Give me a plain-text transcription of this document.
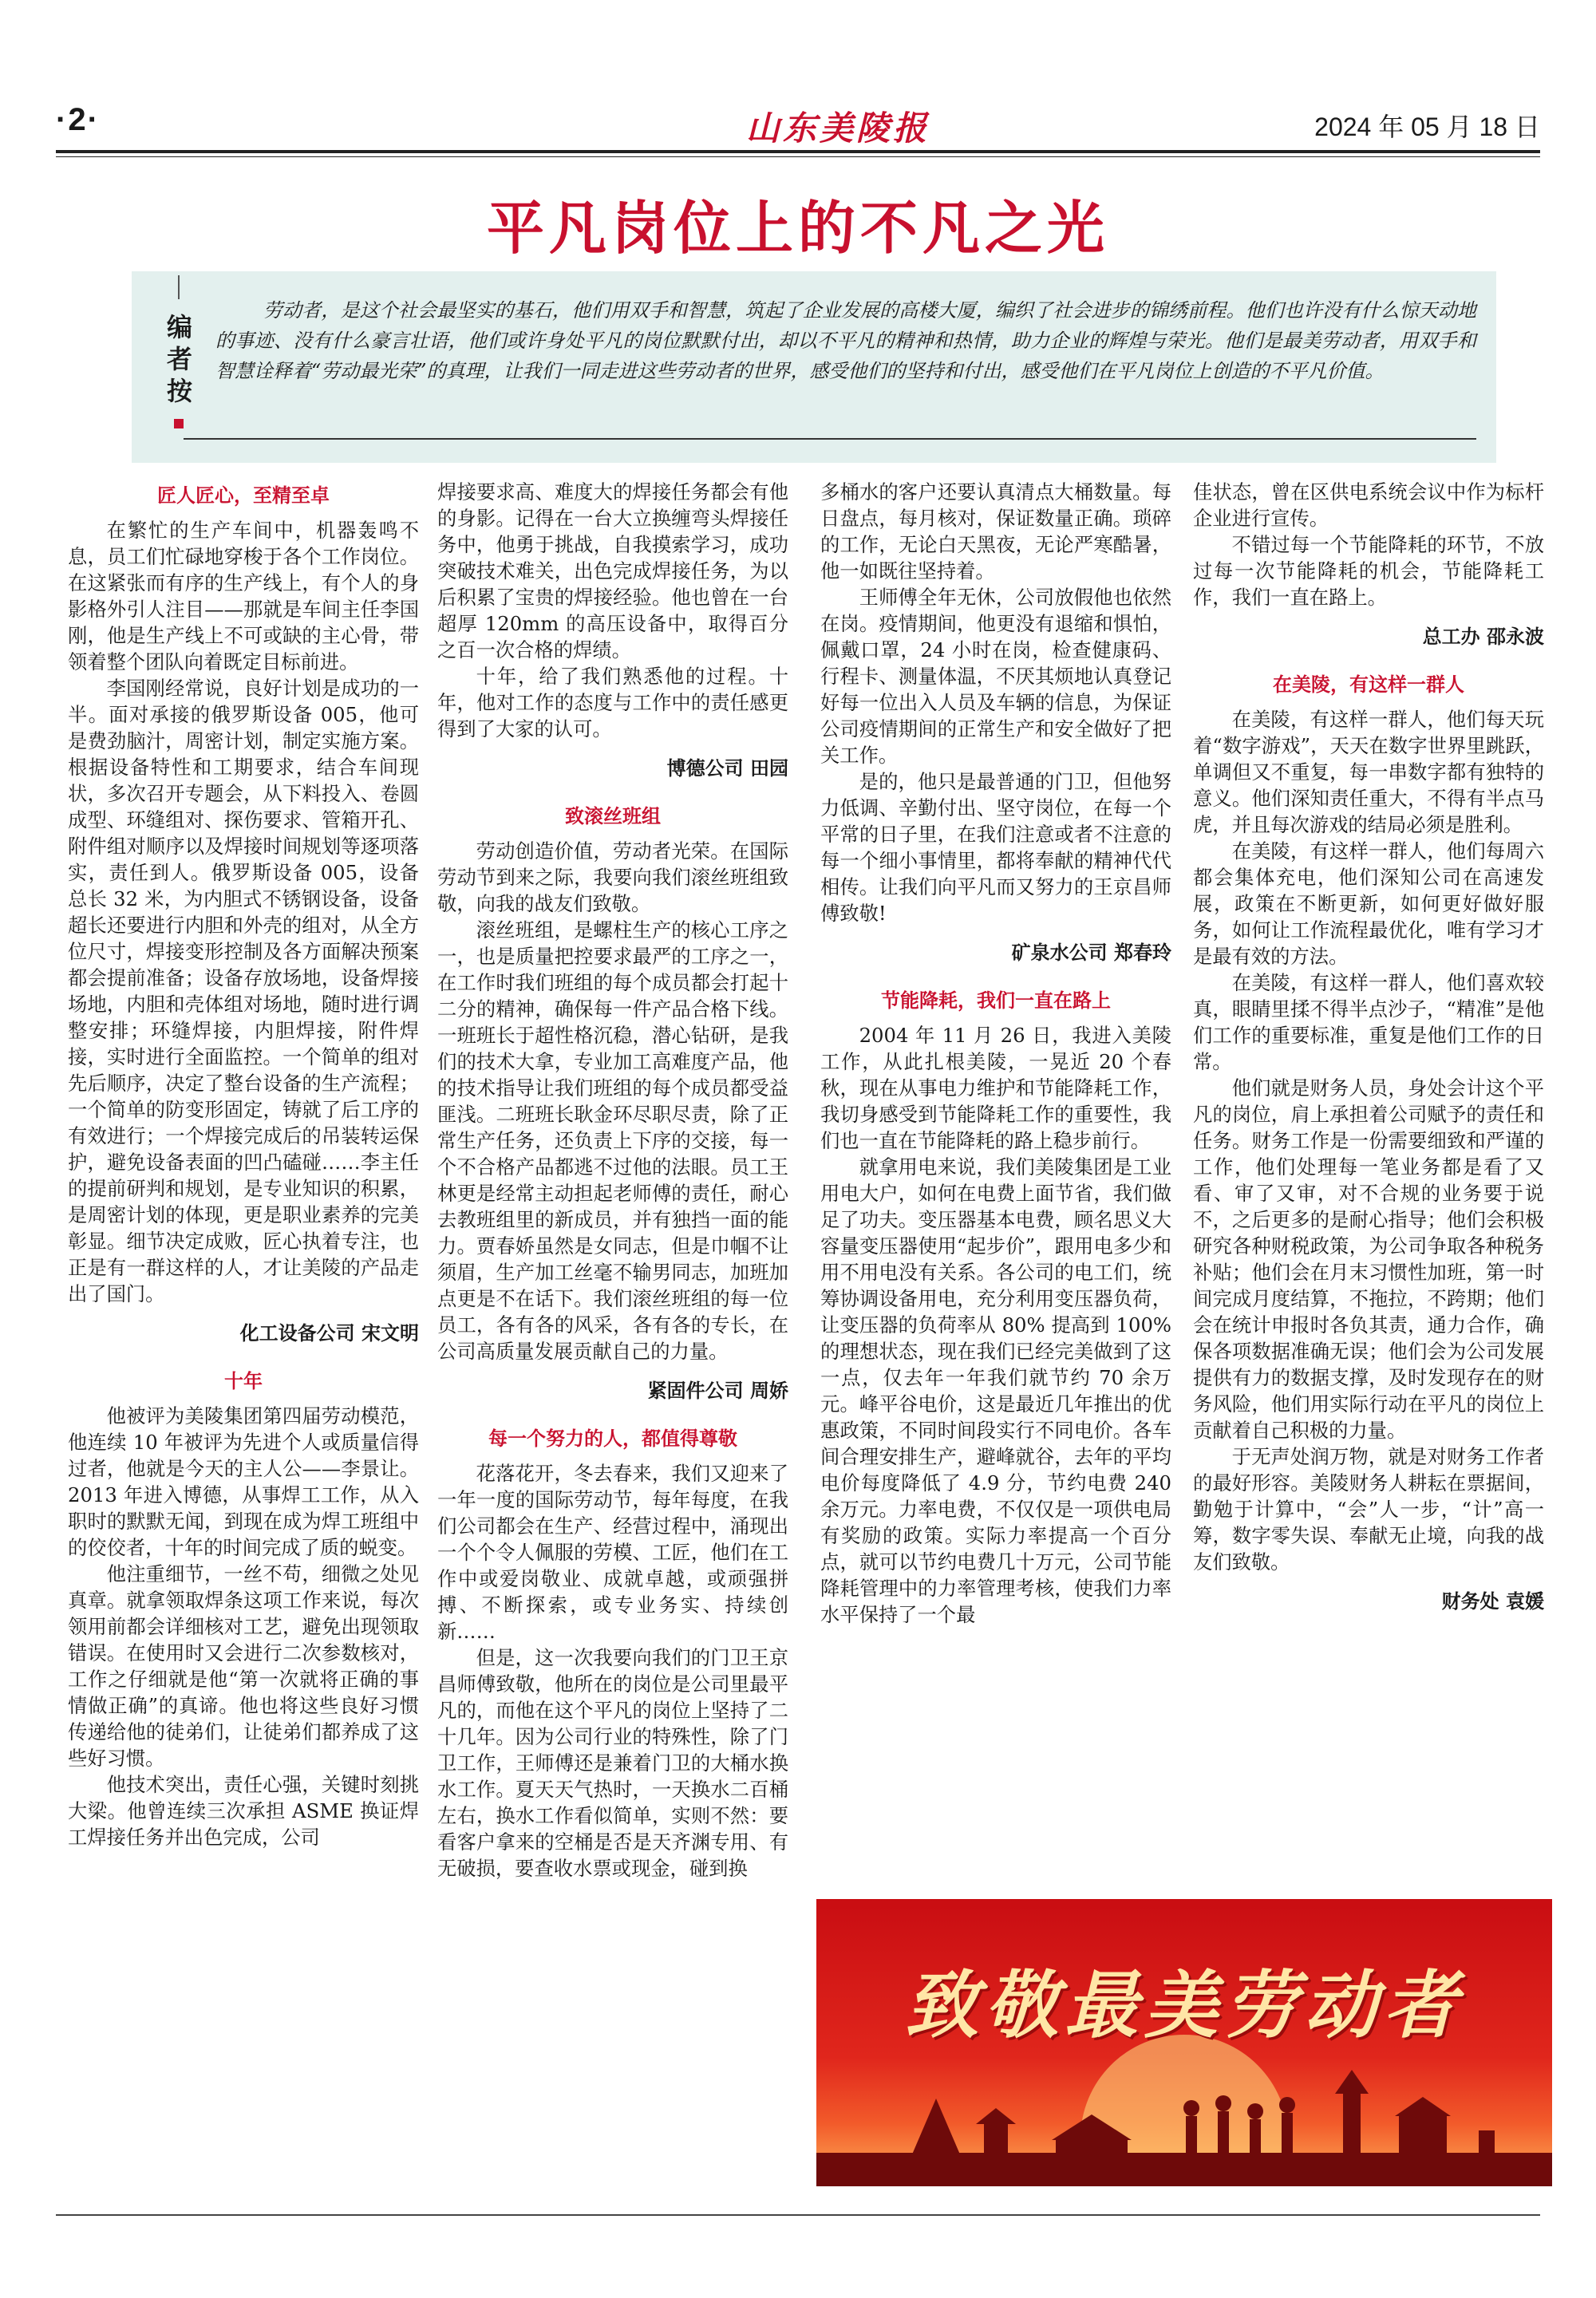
·2·	山东美陵报	2024 年 05 月 18 日
平凡岗位上的不凡之光
编者按
劳动者，是这个社会最坚实的基石，他们用双手和智慧，筑起了企业发展的高楼大厦，编织了社会进步的锦绣前程。他们也许没有什么惊天动地的事迹、没有什么豪言壮语，他们或许身处平凡的岗位默默付出，却以不平凡的精神和热情，助力企业的辉煌与荣光。他们是最美劳动者，用双手和智慧诠释着“劳动最光荣”的真理，让我们一同走进这些劳动者的世界，感受他们的坚持和付出，感受他们在平凡岗位上创造的不平凡价值。
匠人匠心，至精至卓

在繁忙的生产车间中，机器轰鸣不息，员工们忙碌地穿梭于各个工作岗位。在这紧张而有序的生产线上，有个人的身影格外引人注目——那就是车间主任李国刚，他是生产线上不可或缺的主心骨，带领着整个团队向着既定目标前进。

李国刚经常说，良好计划是成功的一半。面对承接的俄罗斯设备 005，他可是费劲脑汁，周密计划，制定实施方案。根据设备特性和工期要求，结合车间现状，多次召开专题会，从下料投入、卷圆成型、环缝组对、探伤要求、管箱开孔、附件组对顺序以及焊接时间规划等逐项落实，责任到人。俄罗斯设备 005，设备总长 32 米，为内胆式不锈钢设备，设备超长还要进行内胆和外壳的组对，从全方位尺寸，焊接变形控制及各方面解决预案都会提前准备；设备存放场地，设备焊接场地，内胆和壳体组对场地，随时进行调整安排；环缝焊接，内胆焊接，附件焊接，实时进行全面监控。一个简单的组对先后顺序，决定了整台设备的生产流程；一个简单的防变形固定，铸就了后工序的有效进行；一个焊接完成后的吊装转运保护，避免设备表面的凹凸磕碰……李主任的提前研判和规划，是专业知识的积累，是周密计划的体现，更是职业素养的完美彰显。细节决定成败，匠心执着专注，也正是有一群这样的人，才让美陵的产品走出了国门。

化工设备公司 宋文明
十年

他被评为美陵集团第四届劳动模范，他连续 10 年被评为先进个人或质量信得过者，他就是今天的主人公——李景让。2013 年进入博德，从事焊工工作，从入职时的默默无闻，到现在成为焊工班组中的佼佼者，十年的时间完成了质的蜕变。

他注重细节，一丝不苟，细微之处见真章。就拿领取焊条这项工作来说，每次领用前都会详细核对工艺，避免出现领取错误。在使用时又会进行二次参数核对，工作之仔细就是他“第一次就将正确的事情做正确”的真谛。他也将这些良好习惯传递给他的徒弟们，让徒弟们都养成了这些好习惯。

他技术突出，责任心强，关键时刻挑大梁。他曾连续三次承担 ASME 换证焊工焊接任务并出色完成，公司

焊接要求高、难度大的焊接任务都会有他的身影。记得在一台大立换缠弯头焊接任务中，他勇于挑战，自我摸索学习，成功突破技术难关，出色完成焊接任务，为以后积累了宝贵的焊接经验。他也曾在一台超厚 120mm 的高压设备中，取得百分之百一次合格的焊绩。

十年，给了我们熟悉他的过程。十年，他对工作的态度与工作中的责任感更得到了大家的认可。

博德公司 田园
致滚丝班组

劳动创造价值，劳动者光荣。在国际劳动节到来之际，我要向我们滚丝班组致敬，向我的战友们致敬。

滚丝班组，是螺柱生产的核心工序之一，也是质量把控要求最严的工序之一，在工作时我们班组的每个成员都会打起十二分的精神，确保每一件产品合格下线。一班班长于超性格沉稳，潜心钻研，是我们的技术大拿，专业加工高难度产品，他的技术指导让我们班组的每个成员都受益匪浅。二班班长耿金环尽职尽责，除了正常生产任务，还负责上下序的交接，每一个不合格产品都逃不过他的法眼。员工王林更是经常主动担起老师傅的责任，耐心去教班组里的新成员，并有独挡一面的能力。贾春娇虽然是女同志，但是巾帼不让须眉，生产加工丝毫不输男同志，加班加点更是不在话下。我们滚丝班组的每一位员工，各有各的风采，各有各的专长，在公司高质量发展贡献自己的力量。

紧固件公司 周娇
每一个努力的人，都值得尊敬

花落花开，冬去春来，我们又迎来了一年一度的国际劳动节，每年每度，在我们公司都会在生产、经营过程中，涌现出一个个令人佩服的劳模、工匠，他们在工作中或爱岗敬业、成就卓越，或顽强拼搏、不断探索，或专业务实、持续创新……

但是，这一次我要向我们的门卫王京昌师傅致敬，他所在的岗位是公司里最平凡的，而他在这个平凡的岗位上坚持了二十几年。因为公司行业的特殊性，除了门卫工作，王师傅还是兼着门卫的大桶水换水工作。夏天天气热时，一天换水二百桶左右，换水工作看似简单，实则不然：要看客户拿来的空桶是否是天齐渊专用、有无破损，要查收水票或现金，碰到换

多桶水的客户还要认真清点大桶数量。每日盘点，每月核对，保证数量正确。琐碎的工作，无论白天黑夜，无论严寒酷暑，他一如既往坚持着。

王师傅全年无休，公司放假他也依然在岗。疫情期间，他更没有退缩和惧怕，佩戴口罩，24 小时在岗，检查健康码、行程卡、测量体温，不厌其烦地认真登记好每一位出入人员及车辆的信息，为保证公司疫情期间的正常生产和安全做好了把关工作。

是的，他只是最普通的门卫，但他努力低调、辛勤付出、坚守岗位，在每一个平常的日子里，在我们注意或者不注意的每一个细小事情里，都将奉献的精神代代相传。让我们向平凡而又努力的王京昌师傅致敬!

矿泉水公司 郑春玲
节能降耗，我们一直在路上

2004 年 11 月 26 日，我进入美陵工作，从此扎根美陵，一晃近 20 个春秋，现在从事电力维护和节能降耗工作，我切身感受到节能降耗工作的重要性，我们也一直在节能降耗的路上稳步前行。

就拿用电来说，我们美陵集团是工业用电大户，如何在电费上面节省，我们做足了功夫。变压器基本电费，顾名思义大容量变压器使用“起步价”，跟用电多少和用不用电没有关系。各公司的电工们，统筹协调设备用电，充分利用变压器负荷，让变压器的负荷率从 80% 提高到 100% 的理想状态，现在我们已经完美做到了这一点，仅去年一年我们就节约 70 余万元。峰平谷电价，这是最近几年推出的优惠政策，不同时间段实行不同电价。各车间合理安排生产，避峰就谷，去年的平均电价每度降低了 4.9 分，节约电费 240 余万元。力率电费，不仅仅是一项供电局有奖励的政策。实际力率提高一个百分点，就可以节约电费几十万元，公司节能降耗管理中的力率管理考核，使我们力率水平保持了一个最

佳状态，曾在区供电系统会议中作为标杆企业进行宣传。

不错过每一个节能降耗的环节，不放过每一次节能降耗的机会，节能降耗工作，我们一直在路上。

总工办 邵永波
在美陵，有这样一群人

在美陵，有这样一群人，他们每天玩着“数字游戏”，天天在数字世界里跳跃，单调但又不重复，每一串数字都有独特的意义。他们深知责任重大，不得有半点马虎，并且每次游戏的结局必须是胜利。

在美陵，有这样一群人，他们每周六都会集体充电，他们深知公司在高速发展，政策在不断更新，如何更好做好服务，如何让工作流程最优化，唯有学习才是最有效的方法。

在美陵，有这样一群人，他们喜欢较真，眼睛里揉不得半点沙子，“精准”是他们工作的重要标准，重复是他们工作的日常。

他们就是财务人员，身处会计这个平凡的岗位，肩上承担着公司赋予的责任和任务。财务工作是一份需要细致和严谨的工作，他们处理每一笔业务都是看了又看、审了又审，对不合规的业务要于说不，之后更多的是耐心指导；他们会积极研究各种财税政策，为公司争取各种税务补贴；他们会在月末习惯性加班，第一时间完成月度结算，不拖拉，不跨期；他们会在统计申报时各负其责，通力合作，确保各项数据准确无误；他们会为公司发展提供有力的数据支撑，及时发现存在的财务风险，他们用实际行动在平凡的岗位上贡献着自己积极的力量。

于无声处润万物，就是对财务工作者的最好形容。美陵财务人耕耘在票据间，勤勉于计算中，“会”人一步，“计”高一筹，数字零失误、奉献无止境，向我的战友们致敬。

财务处 袁媛
致敬最美劳动者
